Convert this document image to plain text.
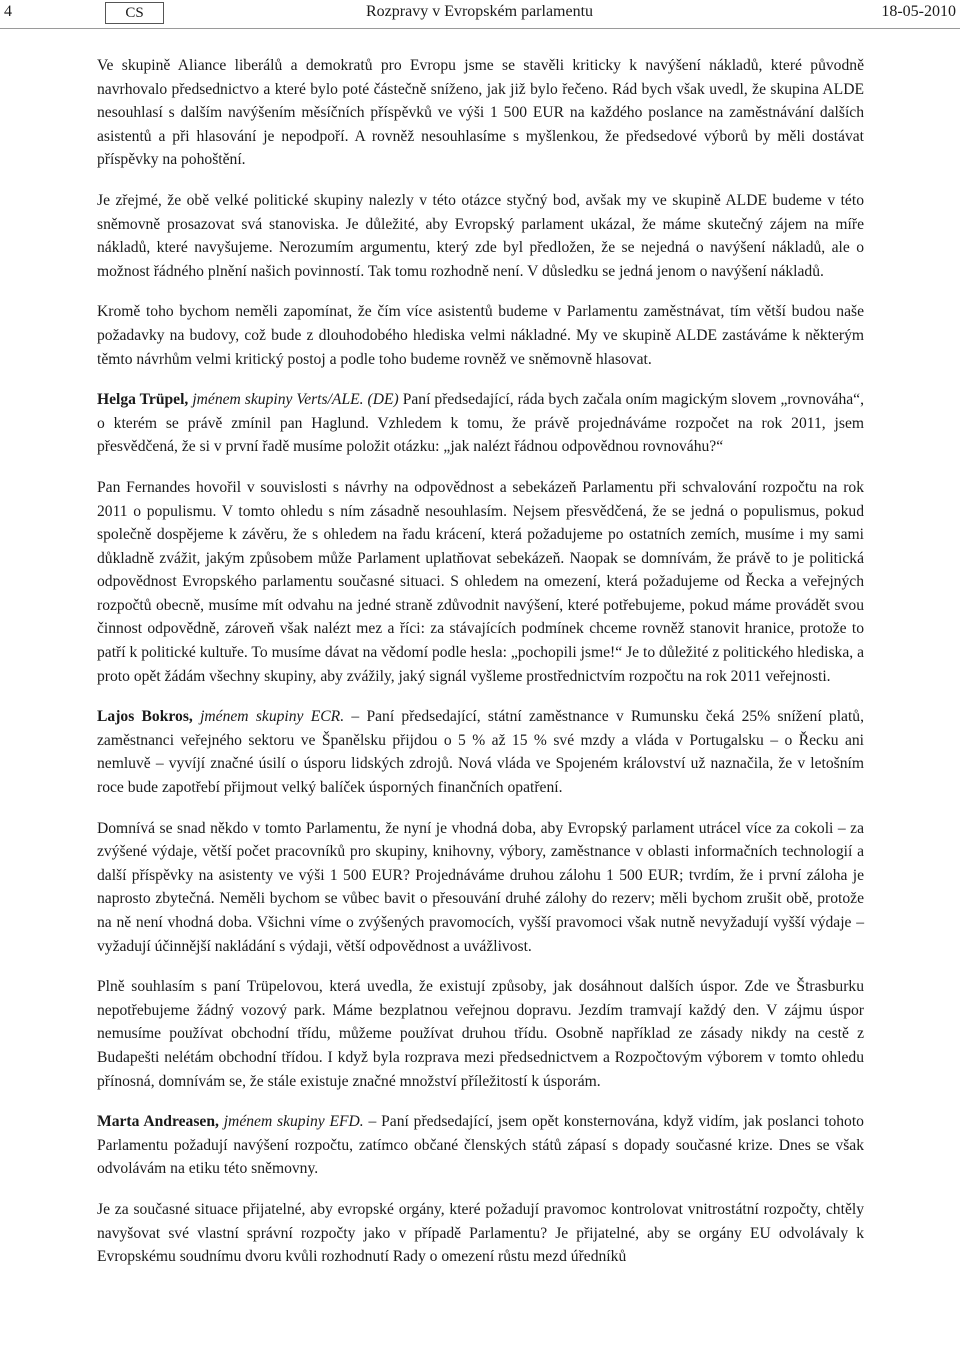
4	CS	Rozpravy v Evropském parlamentu	18-05-2010

Ve skupině Aliance liberálů a demokratů pro Evropu jsme se stavěli kriticky k navýšení nákladů, které původně navrhovalo předsednictvo a které bylo poté částečně sníženo, jak již bylo řečeno. Rád bych však uvedl, že skupina ALDE nesouhlasí s dalším navýšením měsíčních příspěvků ve výši 1 500 EUR na každého poslance na zaměstnávání dalších asistentů a při hlasování je nepodpoří. A rovněž nesouhlasíme s myšlenkou, že předsedové výborů by měli dostávat příspěvky na pohoštění.

Je zřejmé, že obě velké politické skupiny nalezly v této otázce styčný bod, avšak my ve skupině ALDE budeme v této sněmovně prosazovat svá stanoviska. Je důležité, aby Evropský parlament ukázal, že máme skutečný zájem na míře nákladů, které navyšujeme. Nerozumím argumentu, který zde byl předložen, že se nejedná o navýšení nákladů, ale o možnost řádného plnění našich povinností. Tak tomu rozhodně není. V důsledku se jedná jenom o navýšení nákladů.

Kromě toho bychom neměli zapomínat, že čím více asistentů budeme v Parlamentu zaměstnávat, tím větší budou naše požadavky na budovy, což bude z dlouhodobého hlediska velmi nákladné. My ve skupině ALDE zastáváme k některým těmto návrhům velmi kritický postoj a podle toho budeme rovněž ve sněmovně hlasovat.

Helga Trüpel, jménem skupiny Verts/ALE. (DE) Paní předsedající, ráda bych začala oním magickým slovem „rovnováha“, o kterém se právě zmínil pan Haglund. Vzhledem k tomu, že právě projednáváme rozpočet na rok 2011, jsem přesvědčená, že si v první řadě musíme položit otázku: „jak nalézt řádnou odpovědnou rovnováhu?“

Pan Fernandes hovořil v souvislosti s návrhy na odpovědnost a sebekázeň Parlamentu při schvalování rozpočtu na rok 2011 o populismu. V tomto ohledu s ním zásadně nesouhlasím. Nejsem přesvědčená, že se jedná o populismus, pokud společně dospějeme k závěru, že s ohledem na řadu krácení, která požadujeme po ostatních zemích, musíme i my sami důkladně zvážit, jakým způsobem může Parlament uplatňovat sebekázeň. Naopak se domnívám, že právě to je politická odpovědnost Evropského parlamentu současné situaci. S ohledem na omezení, která požadujeme od Řecka a veřejných rozpočtů obecně, musíme mít odvahu na jedné straně zdůvodnit navýšení, které potřebujeme, pokud máme provádět svou činnost odpovědně, zároveň však nalézt mez a říci: za stávajících podmínek chceme rovněž stanovit hranice, protože to patří k politické kultuře. To musíme dávat na vědomí podle hesla: „pochopili jsme!“ Je to důležité z politického hlediska, a proto opět žádám všechny skupiny, aby zvážily, jaký signál vyšleme prostřednictvím rozpočtu na rok 2011 veřejnosti.

Lajos Bokros, jménem skupiny ECR. – Paní předsedající, státní zaměstnance v Rumunsku čeká 25% snížení platů, zaměstnanci veřejného sektoru ve Španělsku přijdou o 5 % až 15 % své mzdy a vláda v Portugalsku – o Řecku ani nemluvě – vyvíjí značné úsilí o úsporu lidských zdrojů. Nová vláda ve Spojeném království už naznačila, že v letošním roce bude zapotřebí přijmout velký balíček úsporných finančních opatření.

Domnívá se snad někdo v tomto Parlamentu, že nyní je vhodná doba, aby Evropský parlament utrácel více za cokoli – za zvýšené výdaje, větší počet pracovníků pro skupiny, knihovny, výbory, zaměstnance v oblasti informačních technologií a další příspěvky na asistenty ve výši 1 500 EUR? Projednáváme druhou zálohu 1 500 EUR; tvrdím, že i první záloha je naprosto zbytečná. Neměli bychom se vůbec bavit o přesouvání druhé zálohy do rezerv; měli bychom zrušit obě, protože na ně není vhodná doba. Všichni víme o zvýšených pravomocích, vyšší pravomoci však nutně nevyžadují vyšší výdaje – vyžadují účinnější nakládání s výdaji, větší odpovědnost a uvážlivost.

Plně souhlasím s paní Trüpelovou, která uvedla, že existují způsoby, jak dosáhnout dalších úspor. Zde ve Štrasburku nepotřebujeme žádný vozový park. Máme bezplatnou veřejnou dopravu. Jezdím tramvají každý den. V zájmu úspor nemusíme používat obchodní třídu, můžeme používat druhou třídu. Osobně například ze zásady nikdy na cestě z Budapešti nelétám obchodní třídou. I když byla rozprava mezi předsednictvem a Rozpočtovým výborem v tomto ohledu přínosná, domnívám se, že stále existuje značné množství příležitostí k úsporám.

Marta Andreasen, jménem skupiny EFD. – Paní předsedající, jsem opět konsternována, když vidím, jak poslanci tohoto Parlamentu požadují navýšení rozpočtu, zatímco občané členských států zápasí s dopady současné krize. Dnes se však odvolávám na etiku této sněmovny.

Je za současné situace přijatelné, aby evropské orgány, které požadují pravomoc kontrolovat vnitrostátní rozpočty, chtěly navyšovat své vlastní správní rozpočty jako v případě Parlamentu? Je přijatelné, aby se orgány EU odvolávaly k Evropskému soudnímu dvoru kvůli rozhodnutí Rady o omezení růstu mezd úředníků
